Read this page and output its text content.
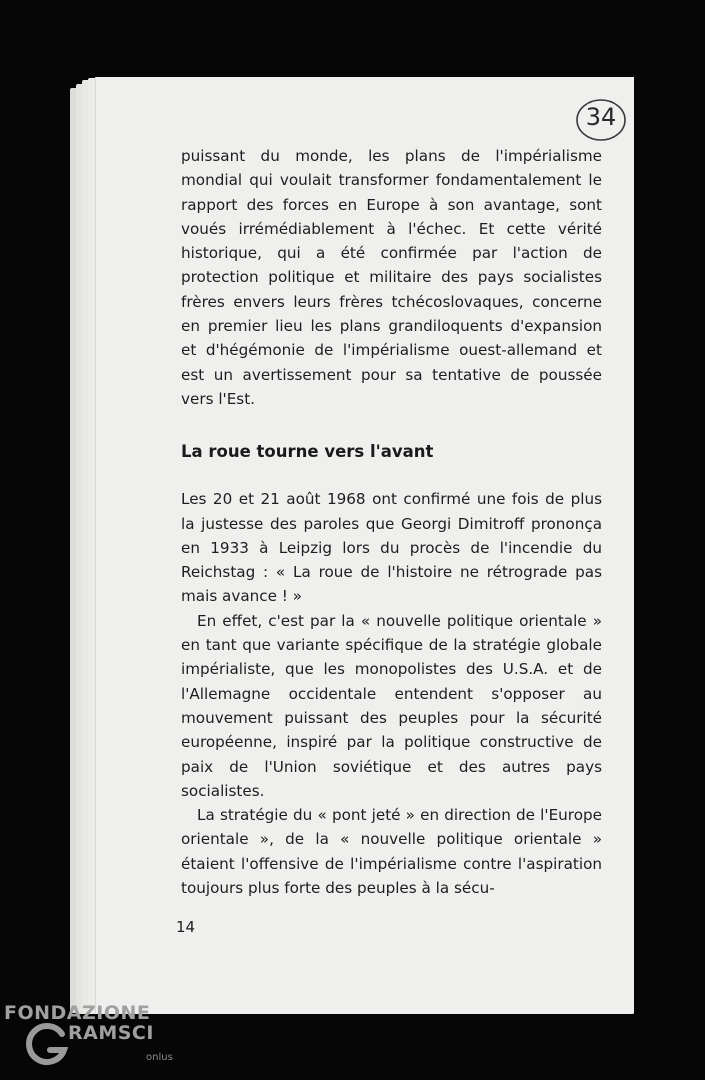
34

puissant du monde, les plans de l'impérialisme mondial qui voulait transformer fondamentalement le rapport des forces en Europe à son avantage, sont voués irrémédiablement à l'échec. Et cette vérité historique, qui a été confirmée par l'action de protection politique et militaire des pays socialistes frères envers leurs frères tchécoslovaques, concerne en premier lieu les plans grandiloquents d'expansion et d'hégémonie de l'impérialisme ouest-allemand et est un avertissement pour sa tentative de poussée vers l'Est.

La roue tourne vers l'avant

Les 20 et 21 août 1968 ont confirmé une fois de plus la justesse des paroles que Georgi Dimitroff prononça en 1933 à Leipzig lors du procès de l'incendie du Reichstag : « La roue de l'histoire ne rétrograde pas mais avance ! »

En effet, c'est par la « nouvelle politique orientale » en tant que variante spécifique de la stratégie globale impérialiste, que les monopolistes des U.S.A. et de l'Allemagne occidentale entendent s'opposer au mouvement puissant des peuples pour la sécurité européenne, inspiré par la politique constructive de paix de l'Union soviétique et des autres pays socialistes.

La stratégie du « pont jeté » en direction de l'Europe orientale », de la « nouvelle politique orientale » étaient l'offensive de l'impérialisme contre l'aspiration toujours plus forte des peuples à la sécu-

14
FONDAZIONE
RAMSCI
onlus
